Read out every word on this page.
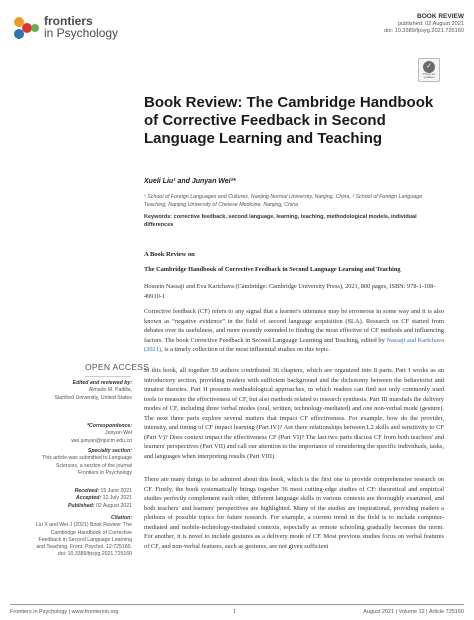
frontiers
in Psychology
BOOK REVIEW
published: 02 August 2021
doi: 10.3389/fpsyg.2021.725160
✓
Check for updates
Book Review: The Cambridge Handbook of Corrective Feedback in Second Language Learning and Teaching
Xueli Liu¹ and Junyan Wei²*
¹ School of Foreign Languages and Cultures, Nanjing Normal University, Nanjing, China, ² School of Foreign Language Teaching, Nanjing University of Chinese Medicine, Nanjing, China
Keywords: corrective feedback, second language, learning, teaching, methodological models, individual differences
A Book Review on
The Cambridge Handbook of Corrective Feedback in Second Language Learning and Teaching
Hossein Nassaji and Eva Kartchava (Cambridge: Cambridge University Press), 2021, 800 pages, ISBN: 978-1-108-49910-1
Corrective feedback (CF) refers to any signal that a learner's utterance may be erroneous in some way and it is also known as “negative evidence” in the field of second language acquisition (SLA). Research on CF started from debates over its usefulness, and more recently extended to finding the most effective of CF methods and influencing factors. The book Corrective Feedback in Second Language Learning and Teaching, edited by Nassaji and Kartchava (2021), is a timely collection of the most influential studies on this topic.
In this book, all together 59 authors contributed 36 chapters, which are organized into 8 parts. Part I works as an introductory section, providing readers with sufficient background and the dichotomy between the behaviorist and innatest theories. Part II presents methodological approaches, in which readers can find not only commonly used tools to measure the effectiveness of CF, but also methods related to research synthesis. Part III marshals the delivery modes of CF, including three verbal modes (oral, written, technology-mediated) and one non-verbal mode (gesture). The next three parts explore several matters that impact CF effectiveness. For example, how do the provider, intensity, and timing of CF impact learning (Part IV)? Are there relationships between L2 skills and sensitivity to CF (Part V)? Does context impact the effectiveness CF (Part VI)? The last two parts discuss CF from both teachers' and learners' perspectives (Part VII) and call our attention to the importance of considering the specific individuals, tasks, and languages when interpreting results (Part VIII).
There are many things to be admired about this book, which is the first one to provide comprehensive research on CF. Firstly, the book systematically brings together 36 most cutting-edge studies of CF: theoretical and empirical studies perfectly complement each other, different language skills in various contexts are thoroughly examined, and both teachers' and learners' perspectives are highlighted. Many of the studies are inspirational, providing readers a plethora of possible topics for future research. For example, a current trend in the field is to include computer-mediated and mobile-technology-mediated contexts, especially as remote schooling gradually becomes the norm. For another, it is novel to include gestures as a delivery mode of CF. Most previous studies focus on verbal features of CF, and non-verbal features, such as gestures, are not given sufficient
OPEN ACCESS
Edited and reviewed by:
Almado M. Padilla,
Stanford University, United States
*Correspondence:
Junyan Wei
wei.junyan@njucm.edu.cn
Specialty section:
This article was submitted to Language Sciences, a section of the journal Frontiers in Psychology
Received: 15 June 2021
Accepted: 12 July 2021
Published: 02 August 2021
Citation:
Liu X and Wei J (2021) Book Review: The Cambridge Handbook of Corrective Feedback in Second Language Learning and Teaching. Front. Psychol. 12:725160. doi: 10.3389/fpsyg.2021.725160
Frontiers in Psychology | www.frontiersin.org	1	August 2021 | Volume 12 | Article 725160
